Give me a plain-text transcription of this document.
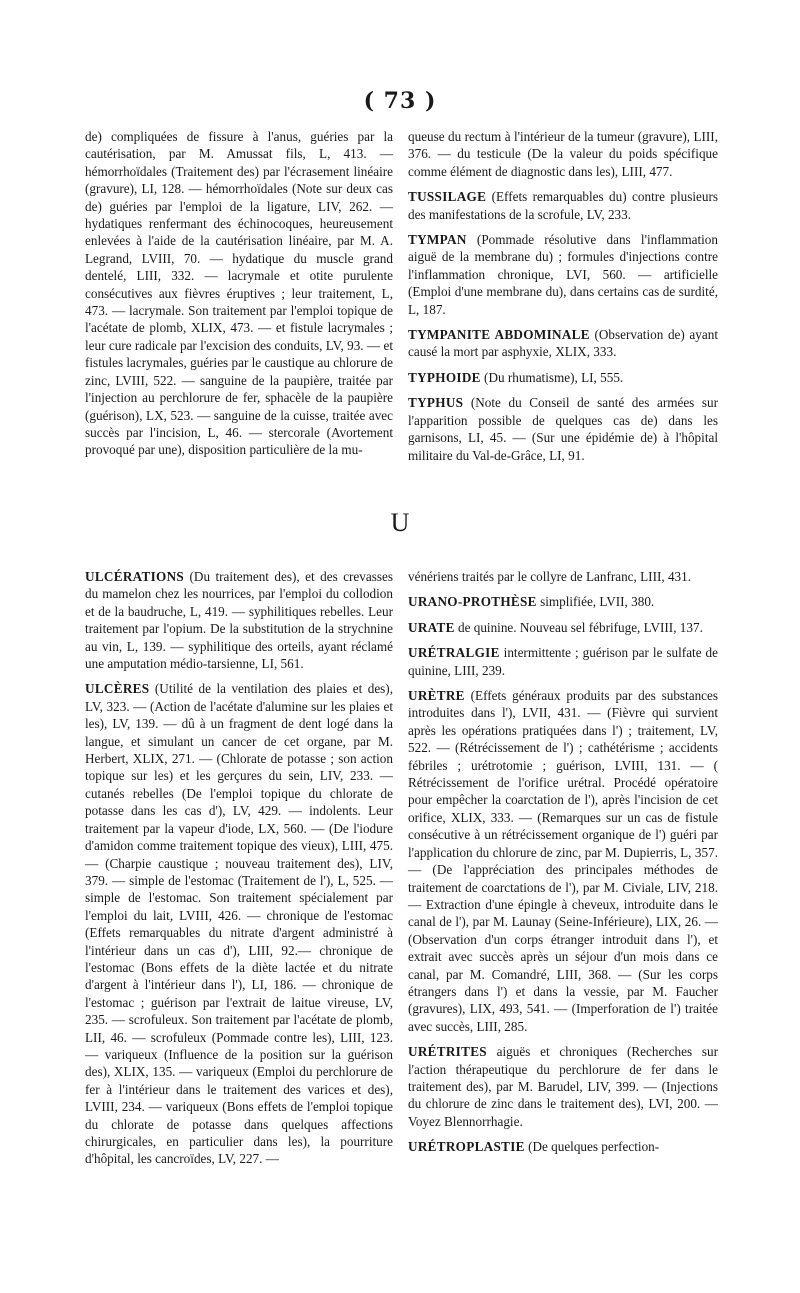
( 73 )

de) compliquées de fissure à l'anus, guéries par la cautérisation, par M. Amussat fils, L, 413. — hémorrhoïdales (Traitement des) par l'écrasement linéaire (gravure), LI, 128. — hémorrhoïdales (Note sur deux cas de) guéries par l'emploi de la ligature, LIV, 262. — hydatiques renfermant des échinocoques, heureusement enlevées à l'aide de la cautérisation linéaire, par M. A. Legrand, LVIII, 70. — hydatique du muscle grand dentelé, LIII, 332. — lacrymale et otite purulente consécutives aux fièvres éruptives ; leur traitement, L, 473. — lacrymale. Son traitement par l'emploi topique de l'acétate de plomb, XLIX, 473. — et fistule lacrymales ; leur cure radicale par l'excision des conduits, LV, 93. — et fistules lacrymales, guéries par le caustique au chlorure de zinc, LVIII, 522. — sanguine de la paupière, traitée par l'injection au perchlorure de fer, sphacèle de la paupière (guérison), LX, 523. — sanguine de la cuisse, traitée avec succès par l'incision, L, 46. — stercorale (Avortement provoqué par une), disposition particulière de la mu-

queuse du rectum à l'intérieur de la tumeur (gravure), LIII, 376. — du testicule (De la valeur du poids spécifique comme élément de diagnostic dans les), LIII, 477.

TUSSILAGE (Effets remarquables du) contre plusieurs des manifestations de la scrofule, LV, 233.

TYMPAN (Pommade résolutive dans l'inflammation aiguë de la membrane du) ; formules d'injections contre l'inflammation chronique, LVI, 560. — artificielle (Emploi d'une membrane du), dans certains cas de surdité, L, 187.

TYMPANITE ABDOMINALE (Observation de) ayant causé la mort par asphyxie, XLIX, 333.

TYPHOIDE (Du rhumatisme), LI, 555.

TYPHUS (Note du Conseil de santé des armées sur l'apparition possible de quelques cas de) dans les garnisons, LI, 45. — (Sur une épidémie de) à l'hôpital militaire du Val-de-Grâce, LI, 91.

U

ULCÉRATIONS (Du traitement des), et des crevasses du mamelon chez les nourrices, par l'emploi du collodion et de la baudruche, L, 419. — syphilitiques rebelles. Leur traitement par l'opium. De la substitution de la strychnine au vin, L, 139. — syphilitique des orteils, ayant réclamé une amputation médio-tarsienne, LI, 561.

ULCÈRES (Utilité de la ventilation des plaies et des), LV, 323. — (Action de l'acétate d'alumine sur les plaies et les), LV, 139. — dû à un fragment de dent logé dans la langue, et simulant un cancer de cet organe, par M. Herbert, XLIX, 271. — (Chlorate de potasse ; son action topique sur les) et les gerçures du sein, LIV, 233. — cutanés rebelles (De l'emploi topique du chlorate de potasse dans les cas d'), LV, 429. — indolents. Leur traitement par la vapeur d'iode, LX, 560. — (De l'iodure d'amidon comme traitement topique des vieux), LIII, 475. — (Charpie caustique ; nouveau traitement des), LIV, 379. — simple de l'estomac (Traitement de l'), L, 525. — simple de l'estomac. Son traitement spécialement par l'emploi du lait, LVIII, 426. — chronique de l'estomac (Effets remarquables du nitrate d'argent administré à l'intérieur dans un cas d'), LIII, 92.— chronique de l'estomac (Bons effets de la diète lactée et du nitrate d'argent à l'intérieur dans l'), LI, 186. — chronique de l'estomac ; guérison par l'extrait de laitue vireuse, LV, 235. — scrofuleux. Son traitement par l'acétate de plomb, LII, 46. — scrofuleux (Pommade contre les), LIII, 123. — variqueux (Influence de la position sur la guérison des), XLIX, 135. — variqueux (Emploi du perchlorure de fer à l'intérieur dans le traitement des varices et des), LVIII, 234. — variqueux (Bons effets de l'emploi topique du chlorate de potasse dans quelques affections chirurgicales, en particulier dans les), la pourriture d'hôpital, les cancroïdes, LV, 227. —

vénériens traités par le collyre de Lanfranc, LIII, 431.

URANO-PROTHÈSE simplifiée, LVII, 380.

URATE de quinine. Nouveau sel fébrifuge, LVIII, 137.

URÉTRALGIE intermittente ; guérison par le sulfate de quinine, LIII, 239.

URÈTRE (Effets généraux produits par des substances introduites dans l'), LVII, 431. — (Fièvre qui survient après les opérations pratiquées dans l') ; traitement, LV, 522. — (Rétrécissement de l') ; cathétérisme ; accidents fébriles ; urétrotomie ; guérison, LVIII, 131. — ( Rétrécissement de l'orifice urétral. Procédé opératoire pour empêcher la coarctation de l'), après l'incision de cet orifice, XLIX, 333. — (Remarques sur un cas de fistule consécutive à un rétrécissement organique de l') guéri par l'application du chlorure de zinc, par M. Dupierris, L, 357. — (De l'appréciation des principales méthodes de traitement de coarctations de l'), par M. Civiale, LIV, 218. — Extraction d'une épingle à cheveux, introduite dans le canal de l'), par M. Launay (Seine-Inférieure), LIX, 26. — (Observation d'un corps étranger introduit dans l'), et extrait avec succès après un séjour d'un mois dans ce canal, par M. Comandré, LIII, 368. — (Sur les corps étrangers dans l') et dans la vessie, par M. Faucher (gravures), LIX, 493, 541. — (Imperforation de l') traitée avec succès, LIII, 285.

URÉTRITES aiguës et chroniques (Recherches sur l'action thérapeutique du perchlorure de fer dans le traitement des), par M. Barudel, LIV, 399. — (Injections du chlorure de zinc dans le traitement des), LVI, 200. — Voyez Blennorrhagie.

URÉTROPLASTIE (De quelques perfection-
